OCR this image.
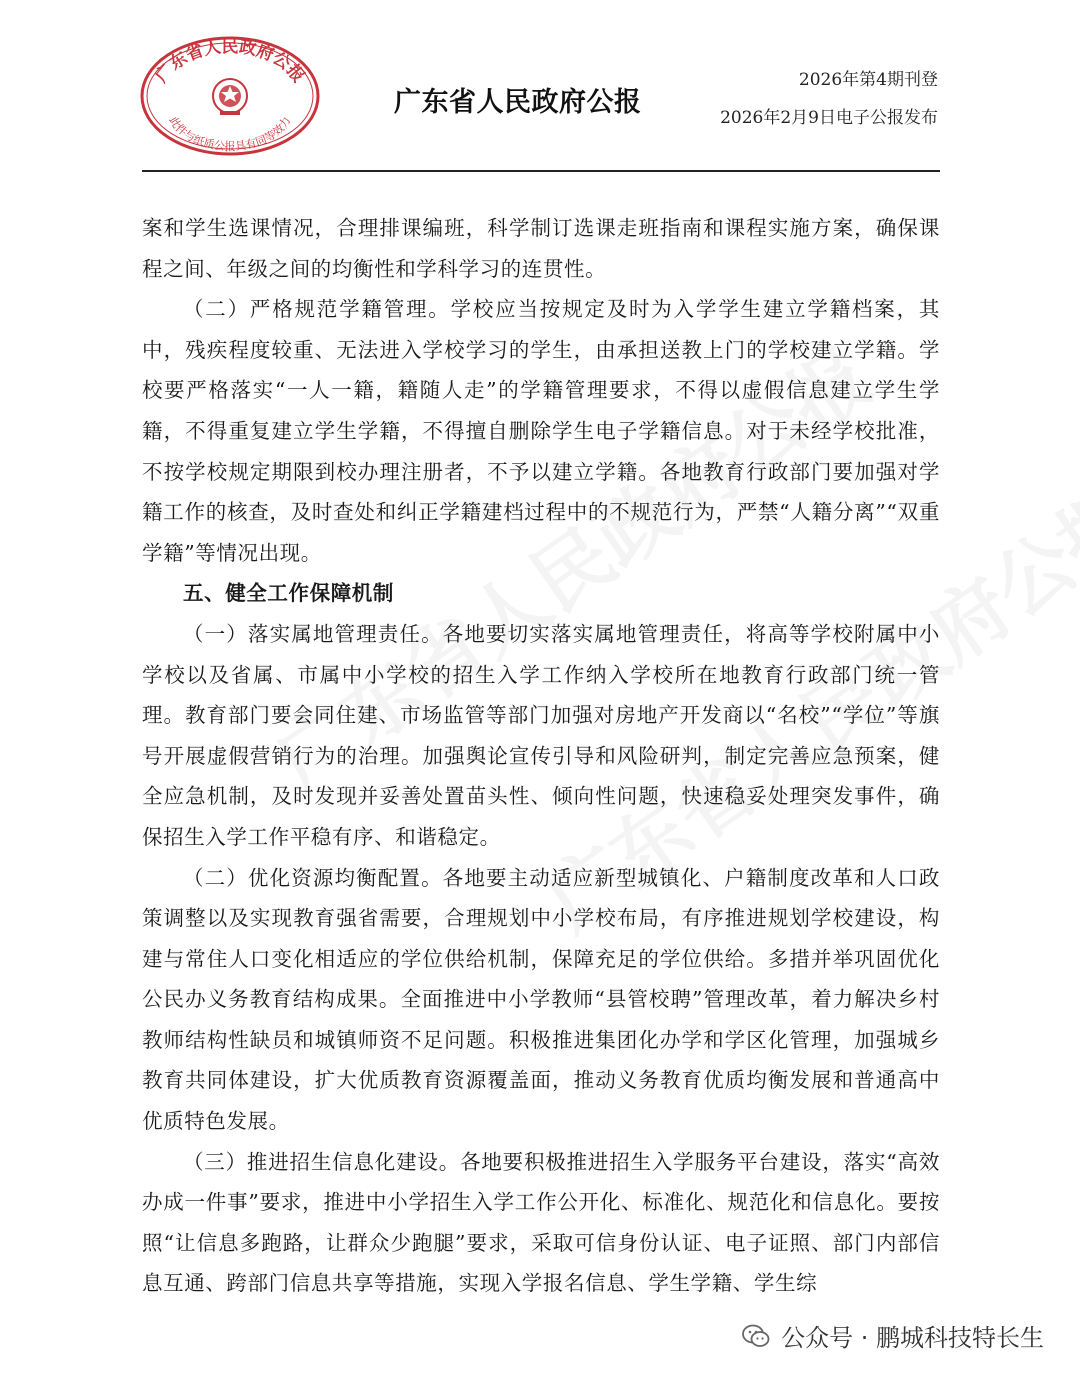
广东省人民政府公报
此件与纸质公报具有同等效力
广东省人民政府公报
2026年第4期刊登
2026年2月9日电子公报发布

案和学生选课情况，合理排课编班，科学制订选课走班指南和课程实施方案，确保课程之间、年级之间的均衡性和学科学习的连贯性。

（二）严格规范学籍管理。学校应当按规定及时为入学学生建立学籍档案，其中，残疾程度较重、无法进入学校学习的学生，由承担送教上门的学校建立学籍。学校要严格落实“一人一籍，籍随人走”的学籍管理要求，不得以虚假信息建立学生学籍，不得重复建立学生学籍，不得擅自删除学生电子学籍信息。对于未经学校批准，不按学校规定期限到校办理注册者，不予以建立学籍。各地教育行政部门要加强对学籍工作的核查，及时查处和纠正学籍建档过程中的不规范行为，严禁“人籍分离”“双重学籍”等情况出现。

五、健全工作保障机制

（一）落实属地管理责任。各地要切实落实属地管理责任，将高等学校附属中小学校以及省属、市属中小学校的招生入学工作纳入学校所在地教育行政部门统一管理。教育部门要会同住建、市场监管等部门加强对房地产开发商以“名校”“学位”等旗号开展虚假营销行为的治理。加强舆论宣传引导和风险研判，制定完善应急预案，健全应急机制，及时发现并妥善处置苗头性、倾向性问题，快速稳妥处理突发事件，确保招生入学工作平稳有序、和谐稳定。

（二）优化资源均衡配置。各地要主动适应新型城镇化、户籍制度改革和人口政策调整以及实现教育强省需要，合理规划中小学校布局，有序推进规划学校建设，构建与常住人口变化相适应的学位供给机制，保障充足的学位供给。多措并举巩固优化公民办义务教育结构成果。全面推进中小学教师“县管校聘”管理改革，着力解决乡村教师结构性缺员和城镇师资不足问题。积极推进集团化办学和学区化管理，加强城乡教育共同体建设，扩大优质教育资源覆盖面，推动义务教育优质均衡发展和普通高中优质特色发展。

（三）推进招生信息化建设。各地要积极推进招生入学服务平台建设，落实“高效办成一件事”要求，推进中小学招生入学工作公开化、标准化、规范化和信息化。要按照“让信息多跑路，让群众少跑腿”要求，采取可信身份认证、电子证照、部门内部信息互通、跨部门信息共享等措施，实现入学报名信息、学生学籍、学生综

公众号 · 鹏城科技特长生
